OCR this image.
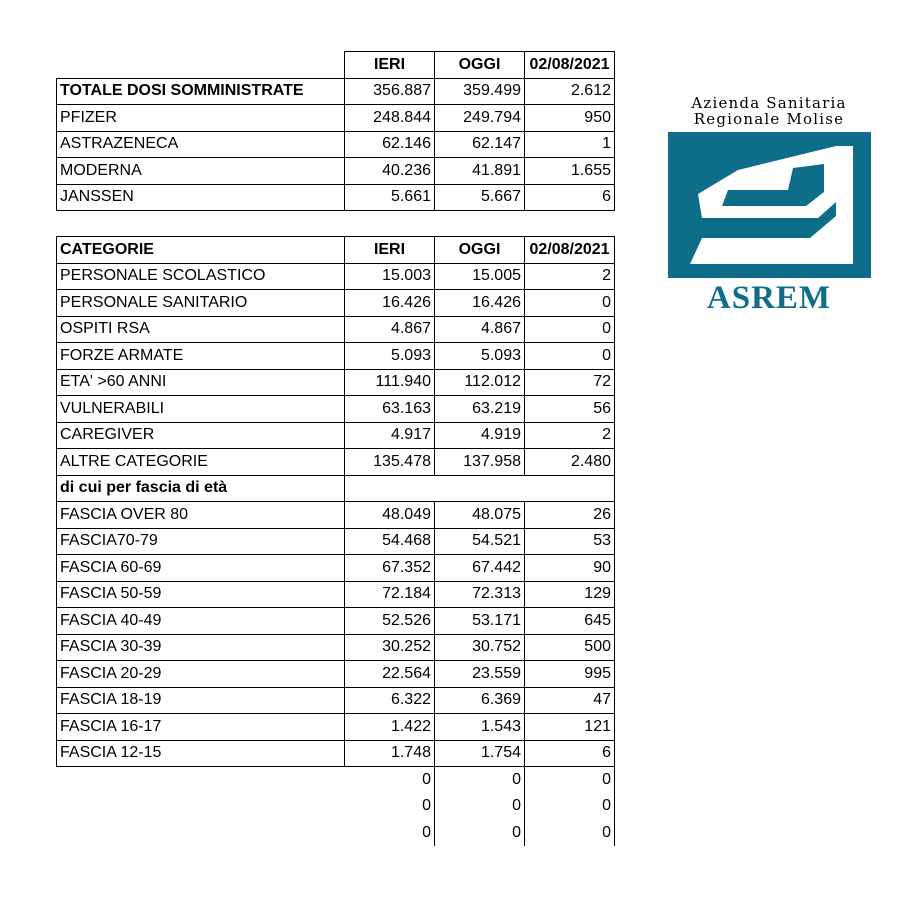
	IERI	OGGI	02/08/2021
TOTALE DOSI SOMMINISTRATE	356.887	359.499	2.612
PFIZER	248.844	249.794	950
ASTRAZENECA	62.146	62.147	1
MODERNA	40.236	41.891	1.655
JANSSEN	5.661	5.667	6
CATEGORIE	IERI	OGGI	02/08/2021
PERSONALE SCOLASTICO	15.003	15.005	2
PERSONALE SANITARIO	16.426	16.426	0
OSPITI RSA	4.867	4.867	0
FORZE ARMATE	5.093	5.093	0
ETA' >60 ANNI	111.940	112.012	72
VULNERABILI	63.163	63.219	56
CAREGIVER	4.917	4.919	2
ALTRE CATEGORIE	135.478	137.958	2.480
di cui per fascia di età			
FASCIA OVER 80	48.049	48.075	26
FASCIA70-79	54.468	54.521	53
FASCIA 60-69	67.352	67.442	90
FASCIA 50-59	72.184	72.313	129
FASCIA 40-49	52.526	53.171	645
FASCIA 30-39	30.252	30.752	500
FASCIA 20-29	22.564	23.559	995
FASCIA 18-19	6.322	6.369	47
FASCIA 16-17	1.422	1.543	121
FASCIA 12-15	1.748	1.754	6
	0	0	0
	0	0	0
	0	0	0
Azienda Sanitaria
Regionale Molise
ASREM
